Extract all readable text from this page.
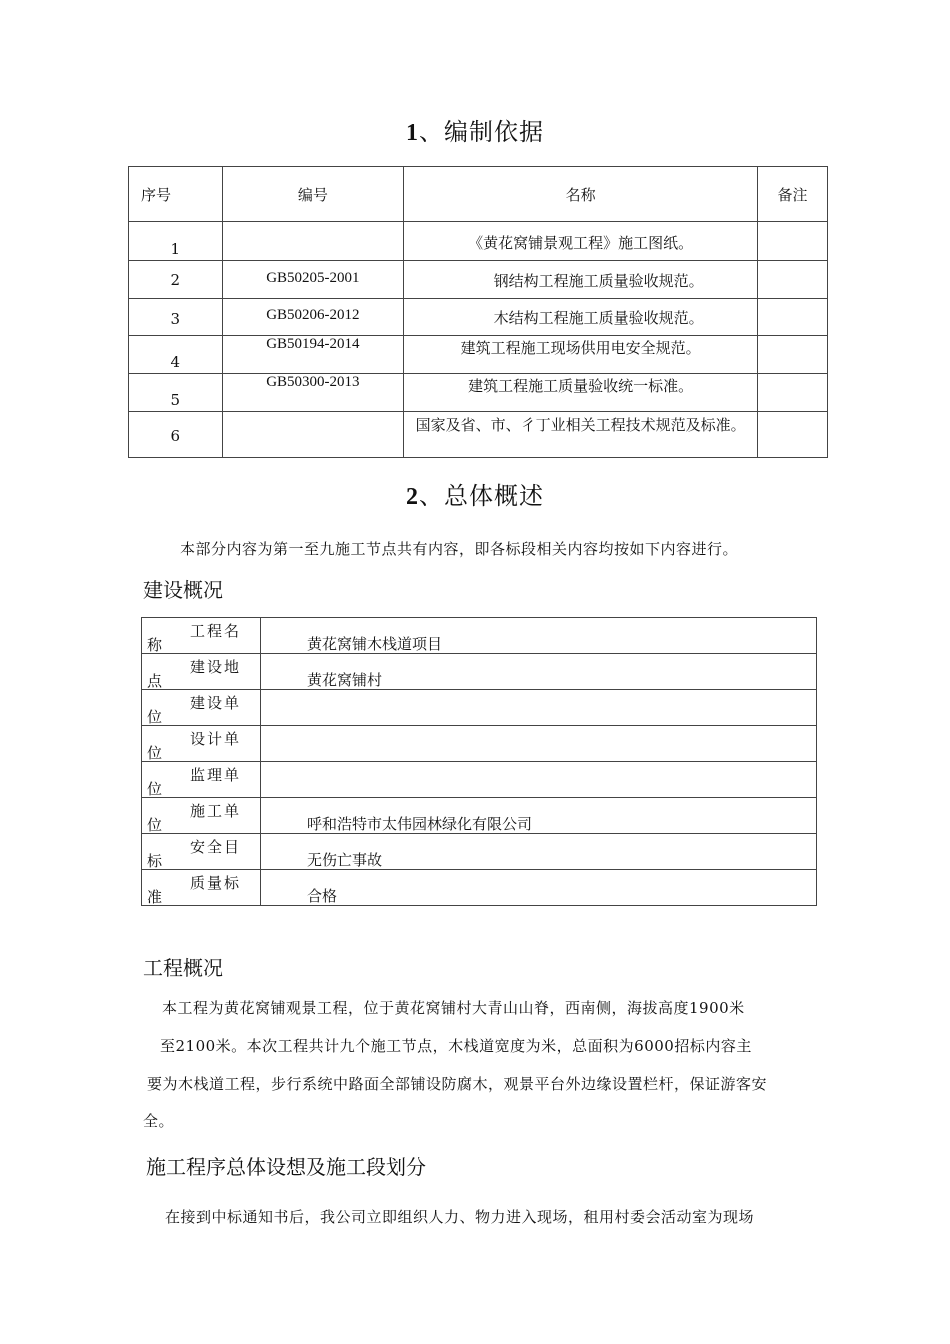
1、编制依据
序号	编号	名称	备注

1		《黄花窝铺景观工程》施工图纸。	

2	GB50205-2001	钢结构工程施工质量验收规范。	

3	GB50206-2012	木结构工程施工质量验收规范。	

4	GB50194-2014	建筑工程施工现场供用电安全规范。	

5	GB50300-2013	建筑工程施工质量验收统一标准。	

6		国家及省、市、彳丁业相关工程技术规范及标准。	

2、总体概述
本部分内容为第一至九施工节点共有内容，即各标段相关内容均按如下内容进行。
建设概况
工程名
称	黄花窝铺木栈道项目

建设地
点	黄花窝铺村

建设单
位	

设计单
位	

监理单
位	

施工单
位	呼和浩特市太伟园林绿化有限公司

安全目
标	无伤亡事故

质量标
准	合格
工程概况
本工程为黄花窝铺观景工程，位于黄花窝铺村大青山山脊，西南侧，海拔高度1900米
至2100米。本次工程共计九个施工节点，木栈道宽度为米，总面积为6000招标内容主
要为木栈道工程，步行系统中路面全部铺设防腐木，观景平台外边缘设置栏杆，保证游客安
全。
施工程序总体设想及施工段划分
在接到中标通知书后，我公司立即组织人力、物力进入现场，租用村委会活动室为现场
